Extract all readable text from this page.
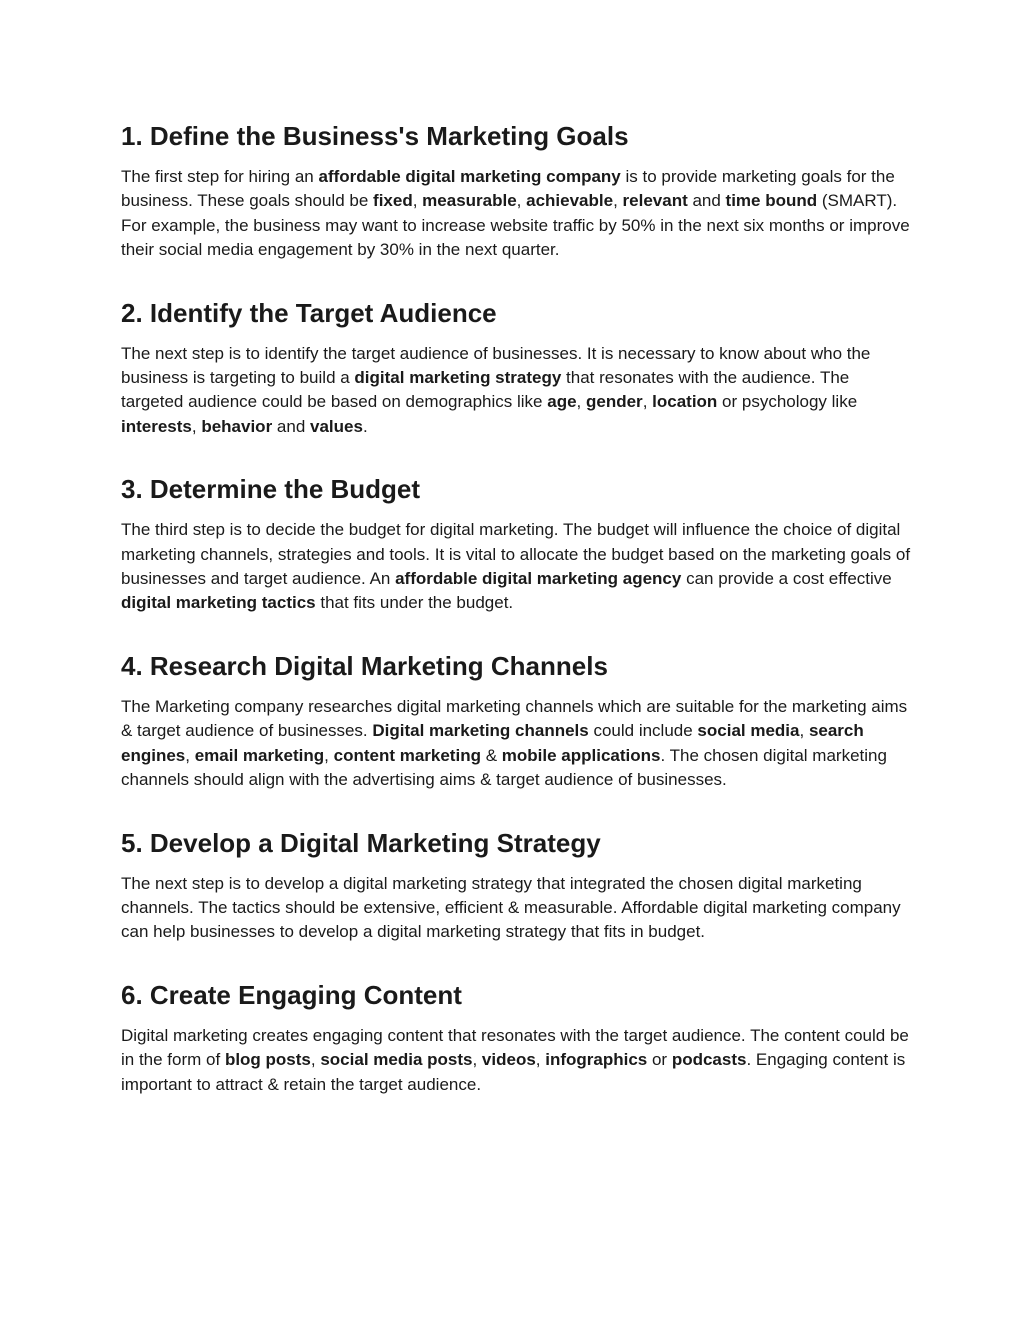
1. Define the Business's Marketing Goals

The first step for hiring an affordable digital marketing company is to provide marketing goals for the business. These goals should be fixed, measurable, achievable, relevant and time bound (SMART). For example, the business may want to increase website traffic by 50% in the next six months or improve their social media engagement by 30% in the next quarter.

2. Identify the Target Audience

The next step is to identify the target audience of businesses. It is necessary to know about who the business is targeting to build a digital marketing strategy that resonates with the audience. The targeted audience could be based on demographics like age, gender, location or psychology like interests, behavior and values.

3. Determine the Budget

The third step is to decide the budget for digital marketing. The budget will influence the choice of digital marketing channels, strategies and tools. It is vital to allocate the budget based on the marketing goals of businesses and target audience. An affordable digital marketing agency can provide a cost effective digital marketing tactics that fits under the budget.

4. Research Digital Marketing Channels

The Marketing company researches digital marketing channels which are suitable for the marketing aims & target audience of businesses. Digital marketing channels could include social media, search engines, email marketing, content marketing & mobile applications. The chosen digital marketing channels should align with the advertising aims & target audience of businesses.

5. Develop a Digital Marketing Strategy

The next step is to develop a digital marketing strategy that integrated the chosen digital marketing channels. The tactics should be extensive, efficient & measurable. Affordable digital marketing company can help businesses to develop a digital marketing strategy that fits in budget.

6. Create Engaging Content

Digital marketing creates engaging content that resonates with the target audience. The content could be in the form of blog posts, social media posts, videos, infographics or podcasts. Engaging content is important to attract & retain the target audience.
